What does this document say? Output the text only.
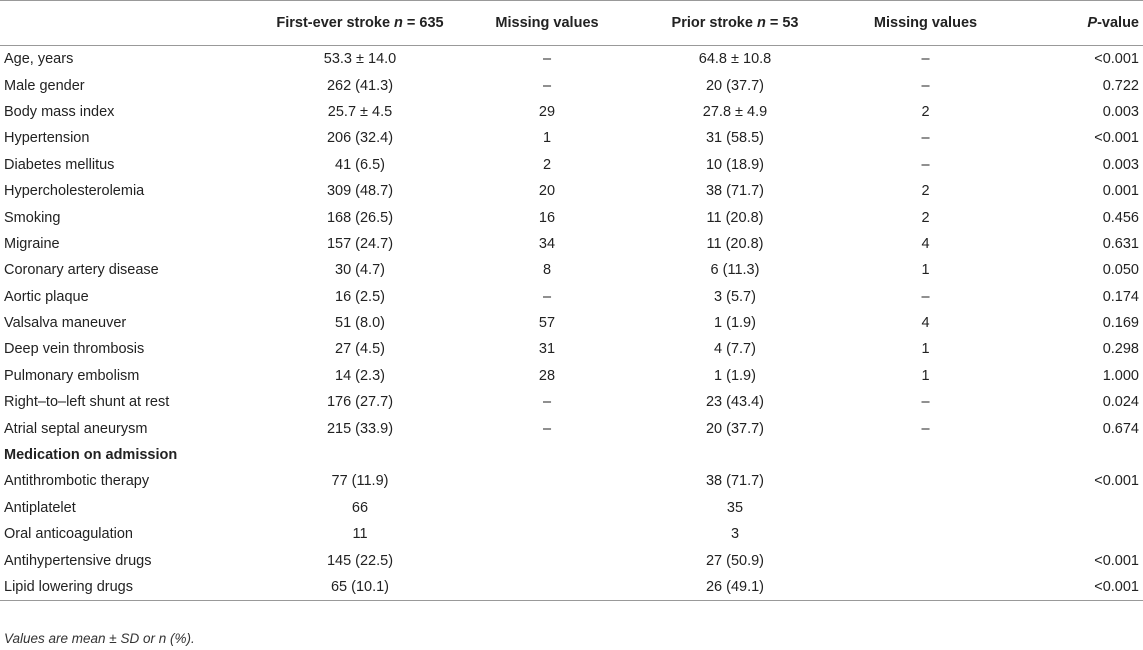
	First-ever stroke n = 635	Missing values	Prior stroke n = 53	Missing values	P-value
Age, years	53.3 ± 14.0	–	64.8 ± 10.8	–	<0.001
Male gender	262 (41.3)	–	20 (37.7)	–	0.722
Body mass index	25.7 ± 4.5	29	27.8 ± 4.9	2	0.003
Hypertension	206 (32.4)	1	31 (58.5)	–	<0.001
Diabetes mellitus	41 (6.5)	2	10 (18.9)	–	0.003
Hypercholesterolemia	309 (48.7)	20	38 (71.7)	2	0.001
Smoking	168 (26.5)	16	11 (20.8)	2	0.456
Migraine	157 (24.7)	34	11 (20.8)	4	0.631
Coronary artery disease	30 (4.7)	8	6 (11.3)	1	0.050
Aortic plaque	16 (2.5)	–	3 (5.7)	–	0.174
Valsalva maneuver	51 (8.0)	57	1 (1.9)	4	0.169
Deep vein thrombosis	27 (4.5)	31	4 (7.7)	1	0.298
Pulmonary embolism	14 (2.3)	28	1 (1.9)	1	1.000
Right–to–left shunt at rest	176 (27.7)	–	23 (43.4)	–	0.024
Atrial septal aneurysm	215 (33.9)	–	20 (37.7)	–	0.674
Medication on admission					
Antithrombotic therapy	77 (11.9)		38 (71.7)		<0.001
Antiplatelet	66		35		
Oral anticoagulation	11		3		
Antihypertensive drugs	145 (22.5)		27 (50.9)		<0.001
Lipid lowering drugs	65 (10.1)		26 (49.1)		<0.001
Values are mean ± SD or n (%).
